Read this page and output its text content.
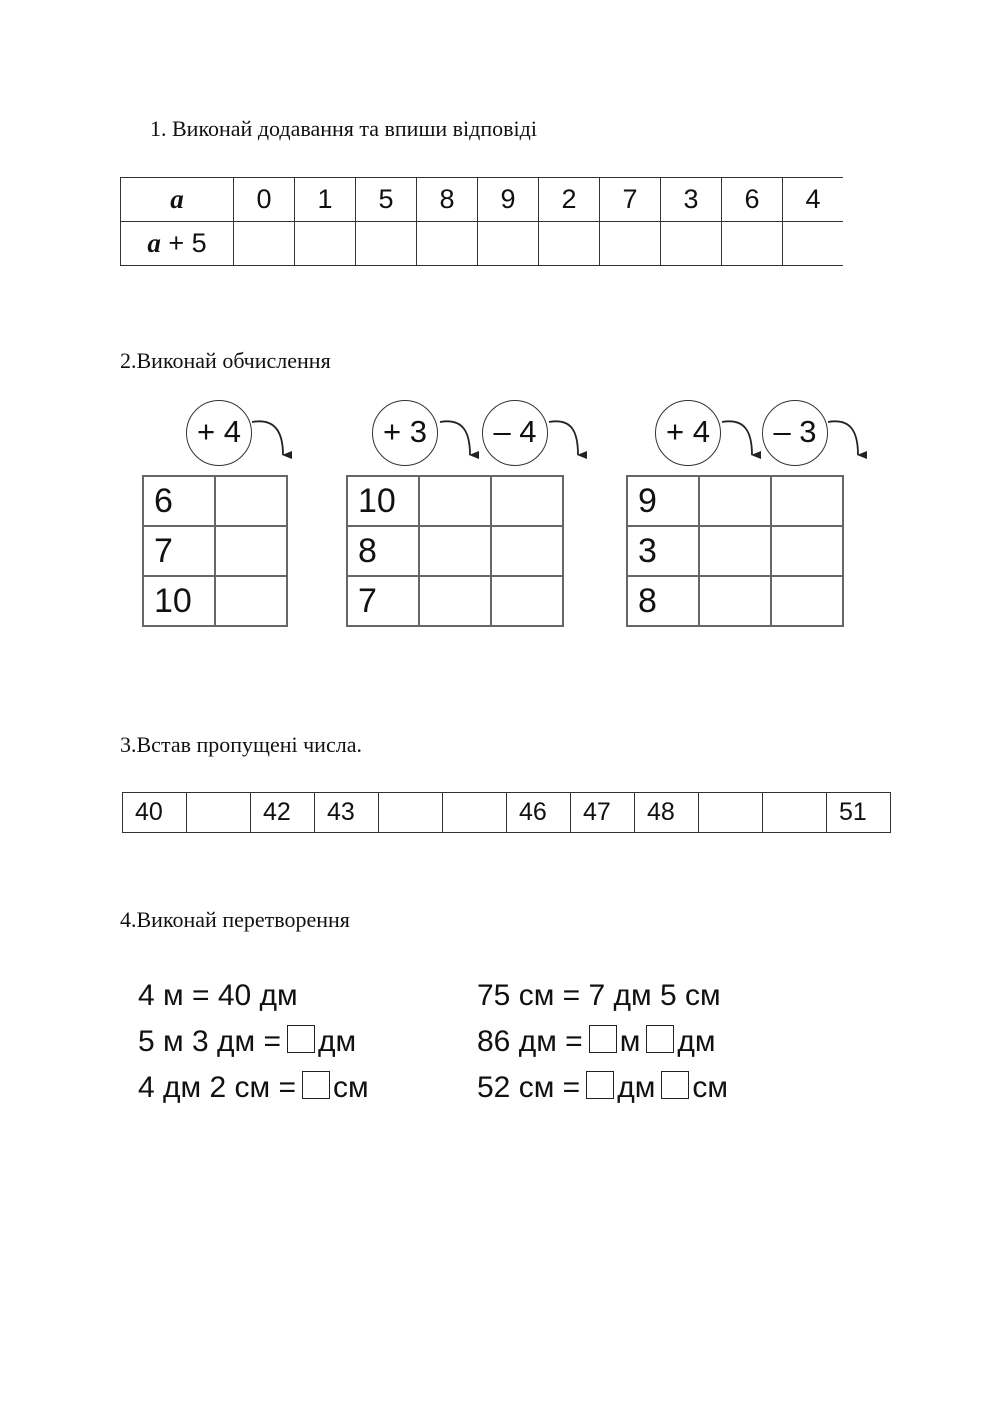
1. Виконай додавання та впиши відповіді
a	0	1	5	8	9	2	7	3	6	4
a + 5										
2.Виконай обчислення
+ 4
6	
7	
10	
+ 3	– 4
10		
8		
7		
+ 4	– 3
9		
3		
8		
3.Встав пропущені числа.
40		42	43			46	47	48			51
4.Виконай перетворення
4 м = 40 дм
5 м 3 дм = дм
4 дм 2 см = см
75 см = 7 дм 5 см
86 дм = м дм
52 см = дм см
